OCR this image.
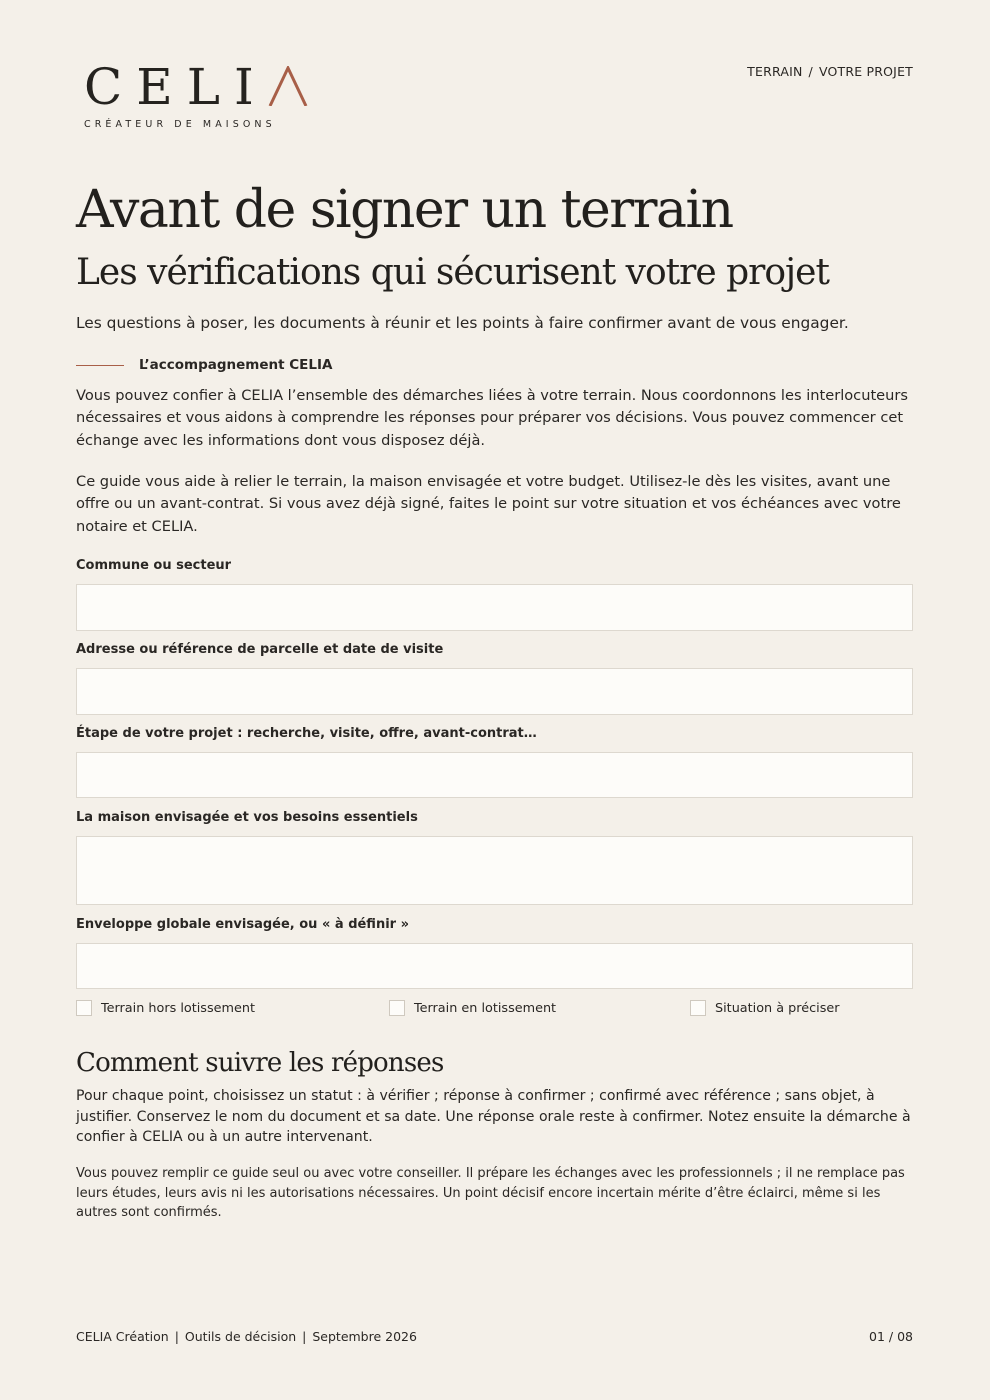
CELI
CRÉATEUR DE MAISONS
TERRAIN / VOTRE PROJET
Avant de signer un terrain
Les vérifications qui sécurisent votre projet

Les questions à poser, les documents à réunir et les points à faire confirmer avant de vous engager.

L’accompagnement CELIA

Vous pouvez confier à CELIA l’ensemble des démarches liées à votre terrain. Nous coordonnons les interlocuteurs nécessaires et vous aidons à comprendre les réponses pour préparer vos décisions. Vous pouvez commencer cet échange avec les informations dont vous disposez déjà.

Ce guide vous aide à relier le terrain, la maison envisagée et votre budget. Utilisez-le dès les visites, avant une offre ou un avant-contrat. Si vous avez déjà signé, faites le point sur votre situation et vos échéances avec votre notaire et CELIA.

Commune ou secteur
Adresse ou référence de parcelle et date de visite
Étape de votre projet : recherche, visite, offre, avant-contrat…
La maison envisagée et vos besoins essentiels
Enveloppe globale envisagée, ou « à définir »
Terrain hors lotissement	Terrain en lotissement	Situation à préciser
Comment suivre les réponses

Pour chaque point, choisissez un statut : à vérifier ; réponse à confirmer ; confirmé avec référence ; sans objet, à justifier. Conservez le nom du document et sa date. Une réponse orale reste à confirmer. Notez ensuite la démarche à confier à CELIA ou à un autre intervenant.

Vous pouvez remplir ce guide seul ou avec votre conseiller. Il prépare les échanges avec les professionnels ; il ne remplace pas leurs études, leurs avis ni les autorisations nécessaires. Un point décisif encore incertain mérite d’être éclairci, même si les autres sont confirmés.

CELIA Création | Outils de décision | Septembre 2026	01 / 08
